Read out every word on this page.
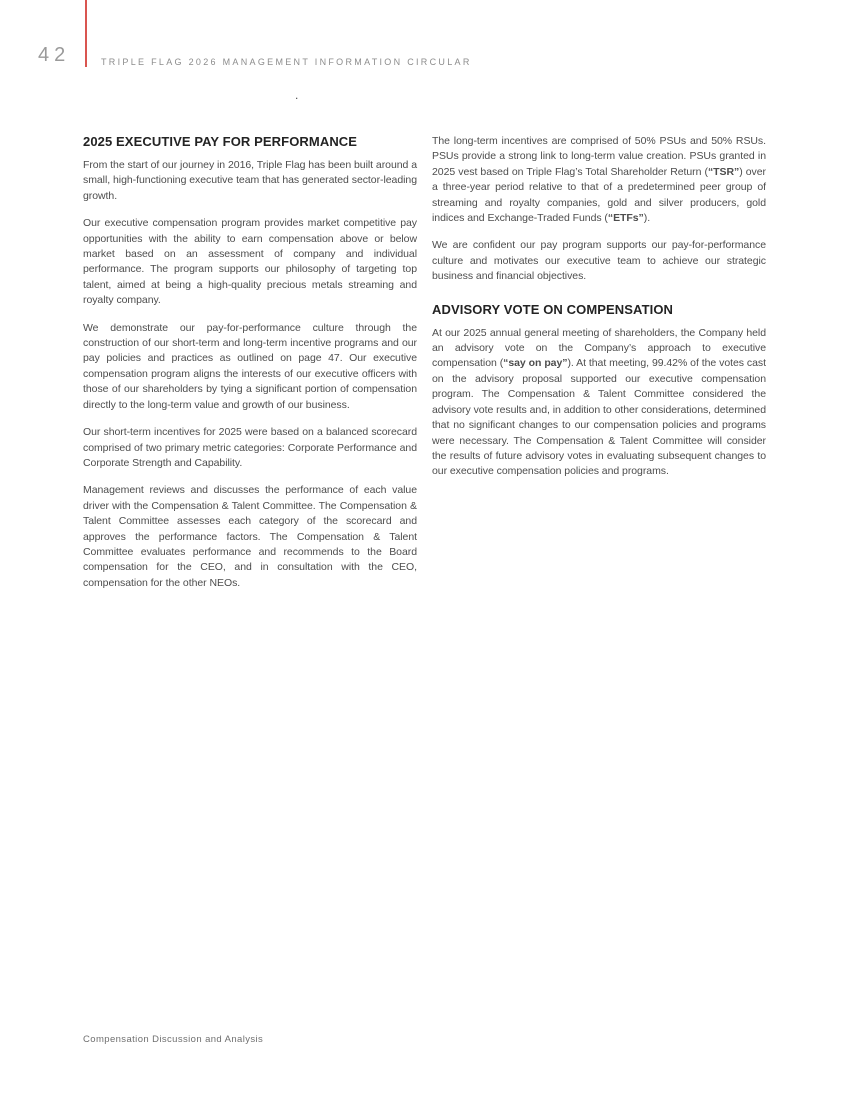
42	TRIPLE FLAG 2026 MANAGEMENT INFORMATION CIRCULAR
.
2025 EXECUTIVE PAY FOR PERFORMANCE

From the start of our journey in 2016, Triple Flag has been built around a small, high-functioning executive team that has generated sector-leading growth.

Our executive compensation program provides market competitive pay opportunities with the ability to earn compensation above or below market based on an assessment of company and individual performance. The program supports our philosophy of targeting top talent, aimed at being a high-quality precious metals streaming and royalty company.

We demonstrate our pay-for-performance culture through the construction of our short-term and long-term incentive programs and our pay policies and practices as outlined on page 47. Our executive compensation program aligns the interests of our executive officers with those of our shareholders by tying a significant portion of compensation directly to the long-term value and growth of our business.

Our short-term incentives for 2025 were based on a balanced scorecard comprised of two primary metric categories: Corporate Performance and Corporate Strength and Capability.

Management reviews and discusses the performance of each value driver with the Compensation & Talent Committee. The Compensation & Talent Committee assesses each category of the scorecard and approves the performance factors. The Compensation & Talent Committee evaluates performance and recommends to the Board compensation for the CEO, and in consultation with the CEO, compensation for the other NEOs.

The long-term incentives are comprised of 50% PSUs and 50% RSUs. PSUs provide a strong link to long-term value creation. PSUs granted in 2025 vest based on Triple Flag’s Total Shareholder Return (“TSR”) over a three-year period relative to that of a predetermined peer group of streaming and royalty companies, gold and silver producers, gold indices and Exchange-Traded Funds (“ETFs”).

We are confident our pay program supports our pay-for-performance culture and motivates our executive team to achieve our strategic business and financial objectives.

ADVISORY VOTE ON COMPENSATION

At our 2025 annual general meeting of shareholders, the Company held an advisory vote on the Company’s approach to executive compensation (“say on pay”). At that meeting, 99.42% of the votes cast on the advisory proposal supported our executive compensation program. The Compensation & Talent Committee considered the advisory vote results and, in addition to other considerations, determined that no significant changes to our compensation policies and programs were necessary. The Compensation & Talent Committee will consider the results of future advisory votes in evaluating subsequent changes to our executive compensation policies and programs.

Compensation Discussion and Analysis
